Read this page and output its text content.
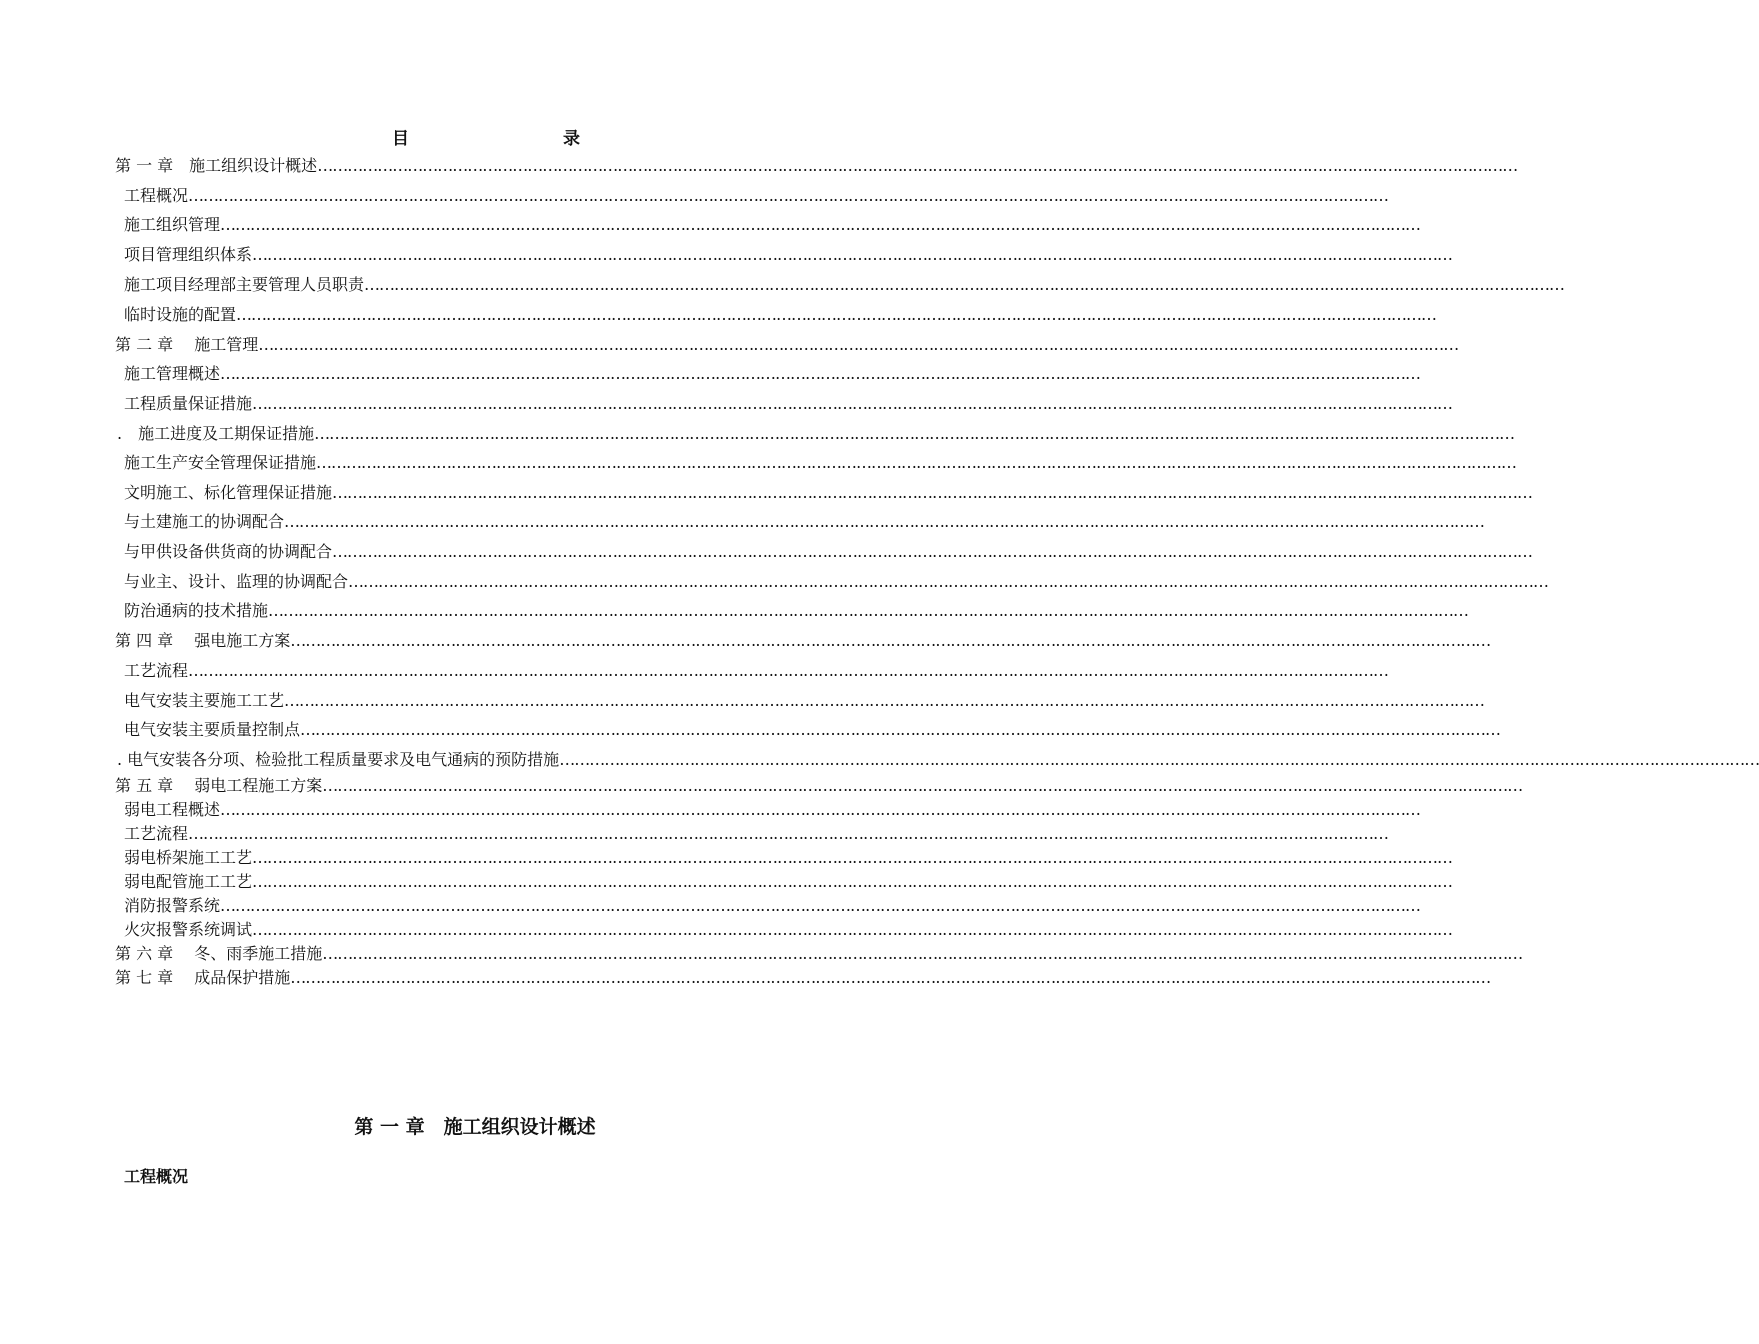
目	录
第 一 章　施工组织设计概述……………………………………………………………………………………………………………………………………………………………………………………………………………………
工程概况……………………………………………………………………………………………………………………………………………………………………………………………………………………
施工组织管理……………………………………………………………………………………………………………………………………………………………………………………………………………………
项目管理组织体系……………………………………………………………………………………………………………………………………………………………………………………………………………………
施工项目经理部主要管理人员职责……………………………………………………………………………………………………………………………………………………………………………………………………………………
临时设施的配置……………………………………………………………………………………………………………………………………………………………………………………………………………………
第 二 章　 施工管理……………………………………………………………………………………………………………………………………………………………………………………………………………………
施工管理概述……………………………………………………………………………………………………………………………………………………………………………………………………………………
工程质量保证措施……………………………………………………………………………………………………………………………………………………………………………………………………………………
.　施工进度及工期保证措施……………………………………………………………………………………………………………………………………………………………………………………………………………………
施工生产安全管理保证措施……………………………………………………………………………………………………………………………………………………………………………………………………………………
文明施工、标化管理保证措施……………………………………………………………………………………………………………………………………………………………………………………………………………………
与土建施工的协调配合……………………………………………………………………………………………………………………………………………………………………………………………………………………
与甲供设备供货商的协调配合……………………………………………………………………………………………………………………………………………………………………………………………………………………
与业主、设计、监理的协调配合……………………………………………………………………………………………………………………………………………………………………………………………………………………
防治通病的技术措施……………………………………………………………………………………………………………………………………………………………………………………………………………………
第 四 章　 强电施工方案……………………………………………………………………………………………………………………………………………………………………………………………………………………
工艺流程……………………………………………………………………………………………………………………………………………………………………………………………………………………
电气安装主要施工工艺……………………………………………………………………………………………………………………………………………………………………………………………………………………
电气安装主要质量控制点……………………………………………………………………………………………………………………………………………………………………………………………………………………
. 电气安装各分项、检验批工程质量要求及电气通病的预防措施……………………………………………………………………………………………………………………………………………………………………………………………………………………
第 五 章　 弱电工程施工方案……………………………………………………………………………………………………………………………………………………………………………………………………………………
弱电工程概述……………………………………………………………………………………………………………………………………………………………………………………………………………………
工艺流程……………………………………………………………………………………………………………………………………………………………………………………………………………………
弱电桥架施工工艺……………………………………………………………………………………………………………………………………………………………………………………………………………………
弱电配管施工工艺……………………………………………………………………………………………………………………………………………………………………………………………………………………
消防报警系统……………………………………………………………………………………………………………………………………………………………………………………………………………………
火灾报警系统调试……………………………………………………………………………………………………………………………………………………………………………………………………………………
第 六 章　 冬、雨季施工措施……………………………………………………………………………………………………………………………………………………………………………………………………………………
第 七 章　 成品保护措施……………………………………………………………………………………………………………………………………………………………………………………………………………………
第 一 章　施工组织设计概述
工程概况
